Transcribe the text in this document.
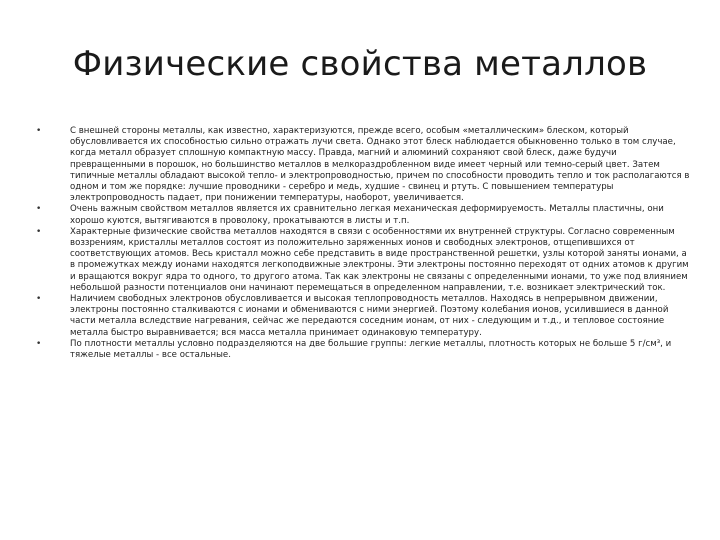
Физические свойства металлов
•	С внешней стороны металлы, как известно, характеризуются, прежде всего, особым «металлическим» блеском, который обусловливается их способностью сильно отражать лучи света. Однако этот блеск наблюдается обыкновенно только в том случае, когда металл образует сплошную компактную массу. Правда, магний и алюминий сохраняют свой блеск, даже будучи превращенными в порошок, но большинство металлов в мелкораздробленном виде имеет черный или темно-серый цвет. Затем типичные металлы обладают высокой тепло- и электропроводностью, причем по способности проводить тепло и ток располагаются в одном и том же порядке: лучшие проводники - серебро и медь, худшие - свинец и ртуть. С повышением температуры электропроводность падает, при понижении температуры, наоборот, увеличивается.
•	Очень важным свойством металлов является их сравнительно легкая механическая деформируемость. Металлы пластичны, они хорошо куются, вытягиваются в проволоку, прокатываются в листы и т.п.
•	Характерные физические свойства металлов находятся в связи с особенностями их внутренней структуры. Согласно современным воззрениям, кристаллы металлов состоят из положительно заряженных ионов и свободных электронов, отщепившихся от соответствующих атомов. Весь кристалл можно себе представить в виде пространственной решетки, узлы которой заняты ионами, а в промежутках между ионами находятся легкоподвижные электроны. Эти электроны постоянно переходят от одних атомов к другим и вращаются вокруг ядра то одного, то другого атома. Так как электроны не связаны с определенными ионами, то уже под влиянием небольшой разности потенциалов они начинают перемещаться в определенном направлении, т.е. возникает электрический ток.
•	Наличием свободных электронов обусловливается и высокая теплопроводность металлов. Находясь в непрерывном движении, электроны постоянно сталкиваются с ионами и обмениваются с ними энергией. Поэтому колебания ионов, усилившиеся в данной части металла вследствие нагревания, сейчас же передаются соседним ионам, от них - следующим и т.д., и тепловое состояние металла быстро выравнивается; вся масса металла принимает одинаковую температуру.
•	По плотности металлы условно подразделяются на две большие группы: легкие металлы, плотность которых не больше 5 г/см³, и тяжелые металлы - все остальные.
